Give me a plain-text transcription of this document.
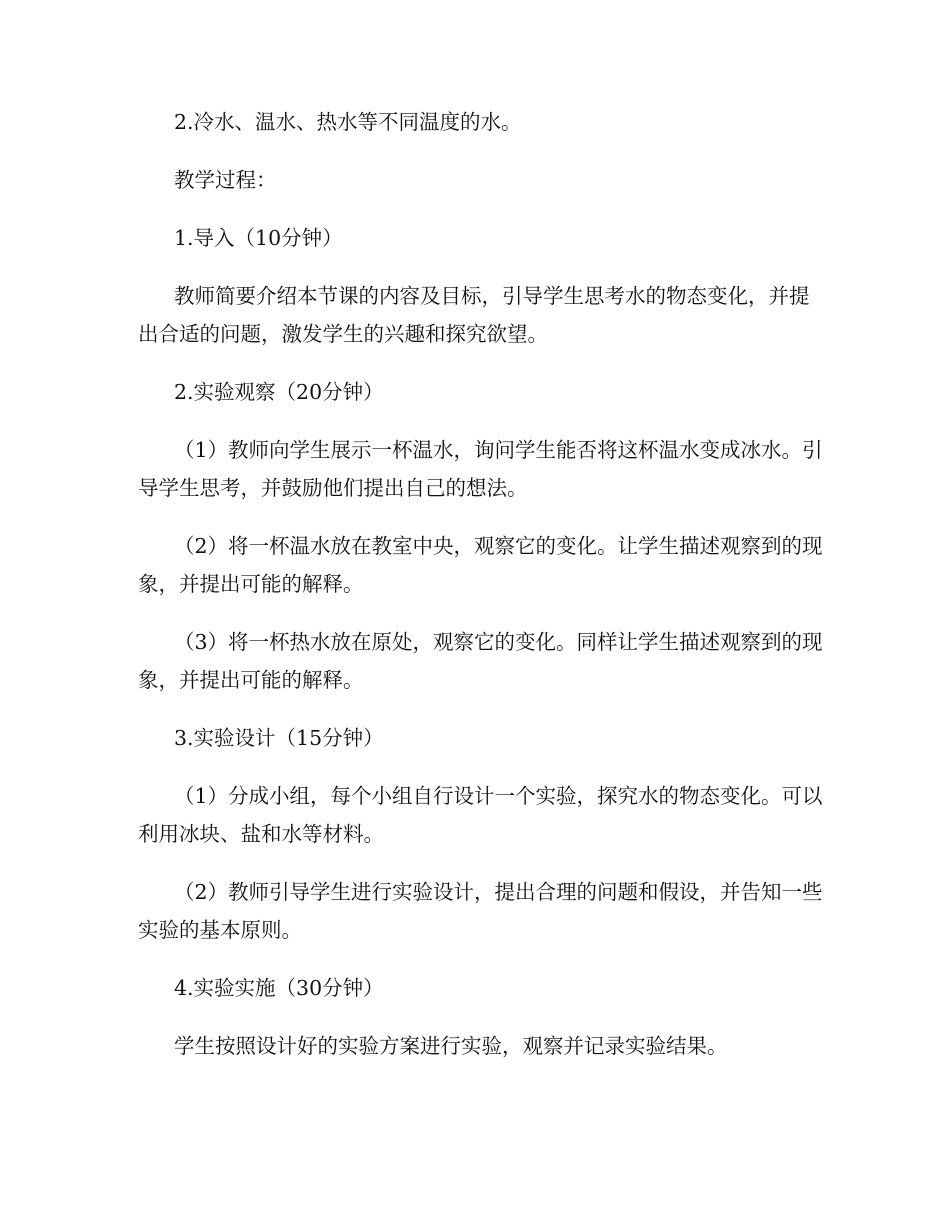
2.冷水、温水、热水等不同温度的水。

教学过程：

1.导入（10分钟）

教师简要介绍本节课的内容及目标，引导学生思考水的物态变化，并提出合适的问题，激发学生的兴趣和探究欲望。

2.实验观察（20分钟）

（1）教师向学生展示一杯温水，询问学生能否将这杯温水变成冰水。引导学生思考，并鼓励他们提出自己的想法。

（2）将一杯温水放在教室中央，观察它的变化。让学生描述观察到的现象，并提出可能的解释。

（3）将一杯热水放在原处，观察它的变化。同样让学生描述观察到的现象，并提出可能的解释。

3.实验设计（15分钟）

（1）分成小组，每个小组自行设计一个实验，探究水的物态变化。可以利用冰块、盐和水等材料。

（2）教师引导学生进行实验设计，提出合理的问题和假设，并告知一些实验的基本原则。

4.实验实施（30分钟）

学生按照设计好的实验方案进行实验，观察并记录实验结果。
